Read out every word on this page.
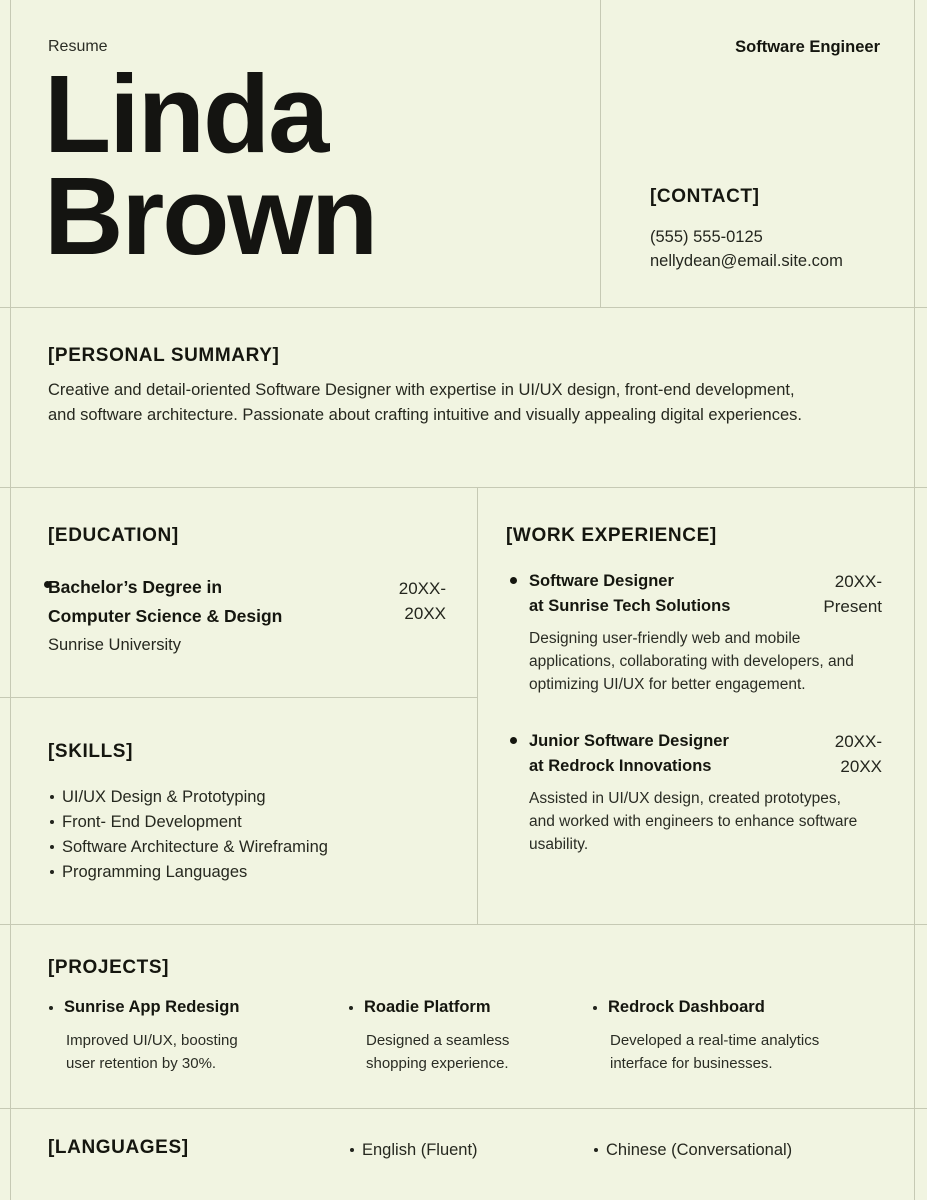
Resume
Linda
Brown
Software Engineer
[CONTACT]
(555) 555-0125
nellydean@email.site.com
[PERSONAL SUMMARY]

Creative and detail-oriented Software Designer with expertise in UI/UX design, front-end development, and software architecture. Passionate about crafting intuitive and visually appealing digital experiences.

[EDUCATION]
Bachelor’s Degree in
Computer Science & Design
20XX-
20XX
Sunrise University
[SKILLS]
UI/UX Design & Prototyping
Front- End Development
Software Architecture & Wireframing
Programming Languages
[WORK EXPERIENCE]
Software Designer
at Sunrise Tech Solutions
20XX-
Present

Designing user-friendly web and mobile applications, collaborating with developers, and optimizing UI/UX for better engagement.

Junior Software Designer
at Redrock Innovations
20XX-
20XX

Assisted in UI/UX design, created prototypes, and worked with engineers to enhance software usability.

[PROJECTS]
Sunrise App Redesign

Improved UI/UX, boosting user retention by 30%.

Roadie Platform

Designed a seamless shopping experience.

Redrock Dashboard

Developed a real-time analytics interface for businesses.

[LANGUAGES]	English (Fluent)	Chinese (Conversational)
